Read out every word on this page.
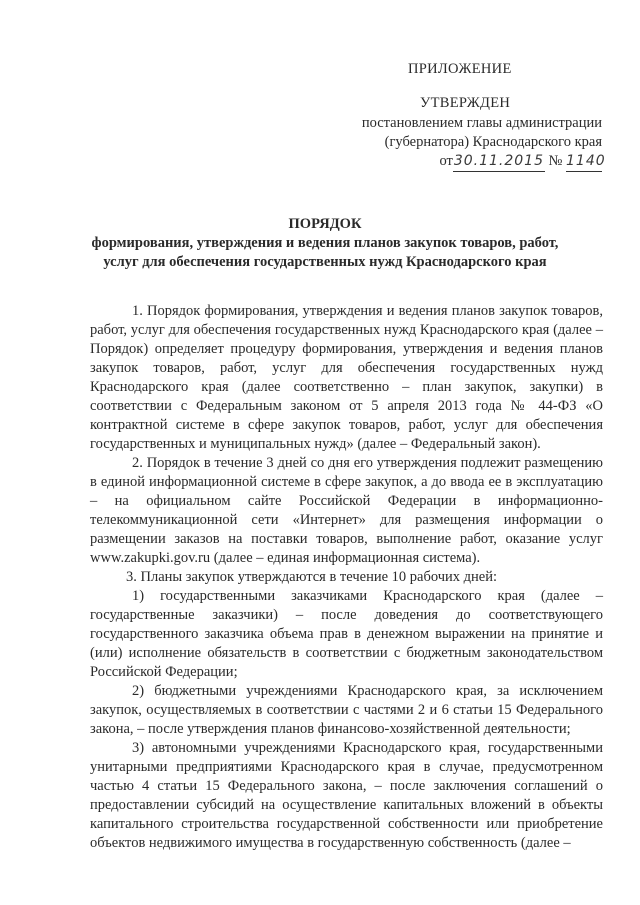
ПРИЛОЖЕНИЕ
УТВЕРЖДЕН
постановлением главы администрации
(губернатора) Краснодарского края
от30.11.2015 № 1140
ПОРЯДОК
формирования, утверждения и ведения планов закупок товаров, работ,
услуг для обеспечения государственных нужд Краснодарского края

1. Порядок формирования, утверждения и ведения планов закупок товаров, работ, услуг для обеспечения государственных нужд Краснодарского края (далее – Порядок) определяет процедуру формирования, утверждения и ведения планов закупок товаров, работ, услуг для обеспечения государственных нужд Краснодарского края (далее соответственно – план закупок, закупки) в соответствии с Федеральным законом от 5 апреля 2013 года № 44-ФЗ «О контрактной системе в сфере закупок товаров, работ, услуг для обеспечения государственных и муниципальных нужд» (далее – Федеральный закон).

2. Порядок в течение 3 дней со дня его утверждения подлежит размещению в единой информационной системе в сфере закупок, а до ввода ее в эксплуатацию – на официальном сайте Российской Федерации в информационно-телекоммуникационной сети «Интернет» для размещения информации о размещении заказов на поставки товаров, выполнение работ, оказание услуг www.zakupki.gov.ru (далее – единая информационная система).

3. Планы закупок утверждаются в течение 10 рабочих дней:

1) государственными заказчиками Краснодарского края (далее – государственные заказчики) – после доведения до соответствующего государственного заказчика объема прав в денежном выражении на принятие и (или) исполнение обязательств в соответствии с бюджетным законодательством Российской Федерации;

2) бюджетными учреждениями Краснодарского края, за исключением закупок, осуществляемых в соответствии с частями 2 и 6 статьи 15 Федерального закона, – после утверждения планов финансово-хозяйственной деятельности;

3) автономными учреждениями Краснодарского края, государственными унитарными предприятиями Краснодарского края в случае, предусмотренном частью 4 статьи 15 Федерального закона, – после заключения соглашений о предоставлении субсидий на осуществление капитальных вложений в объекты капитального строительства государственной собственности или приобретение объектов недвижимого имущества в государственную собственность (далее –
